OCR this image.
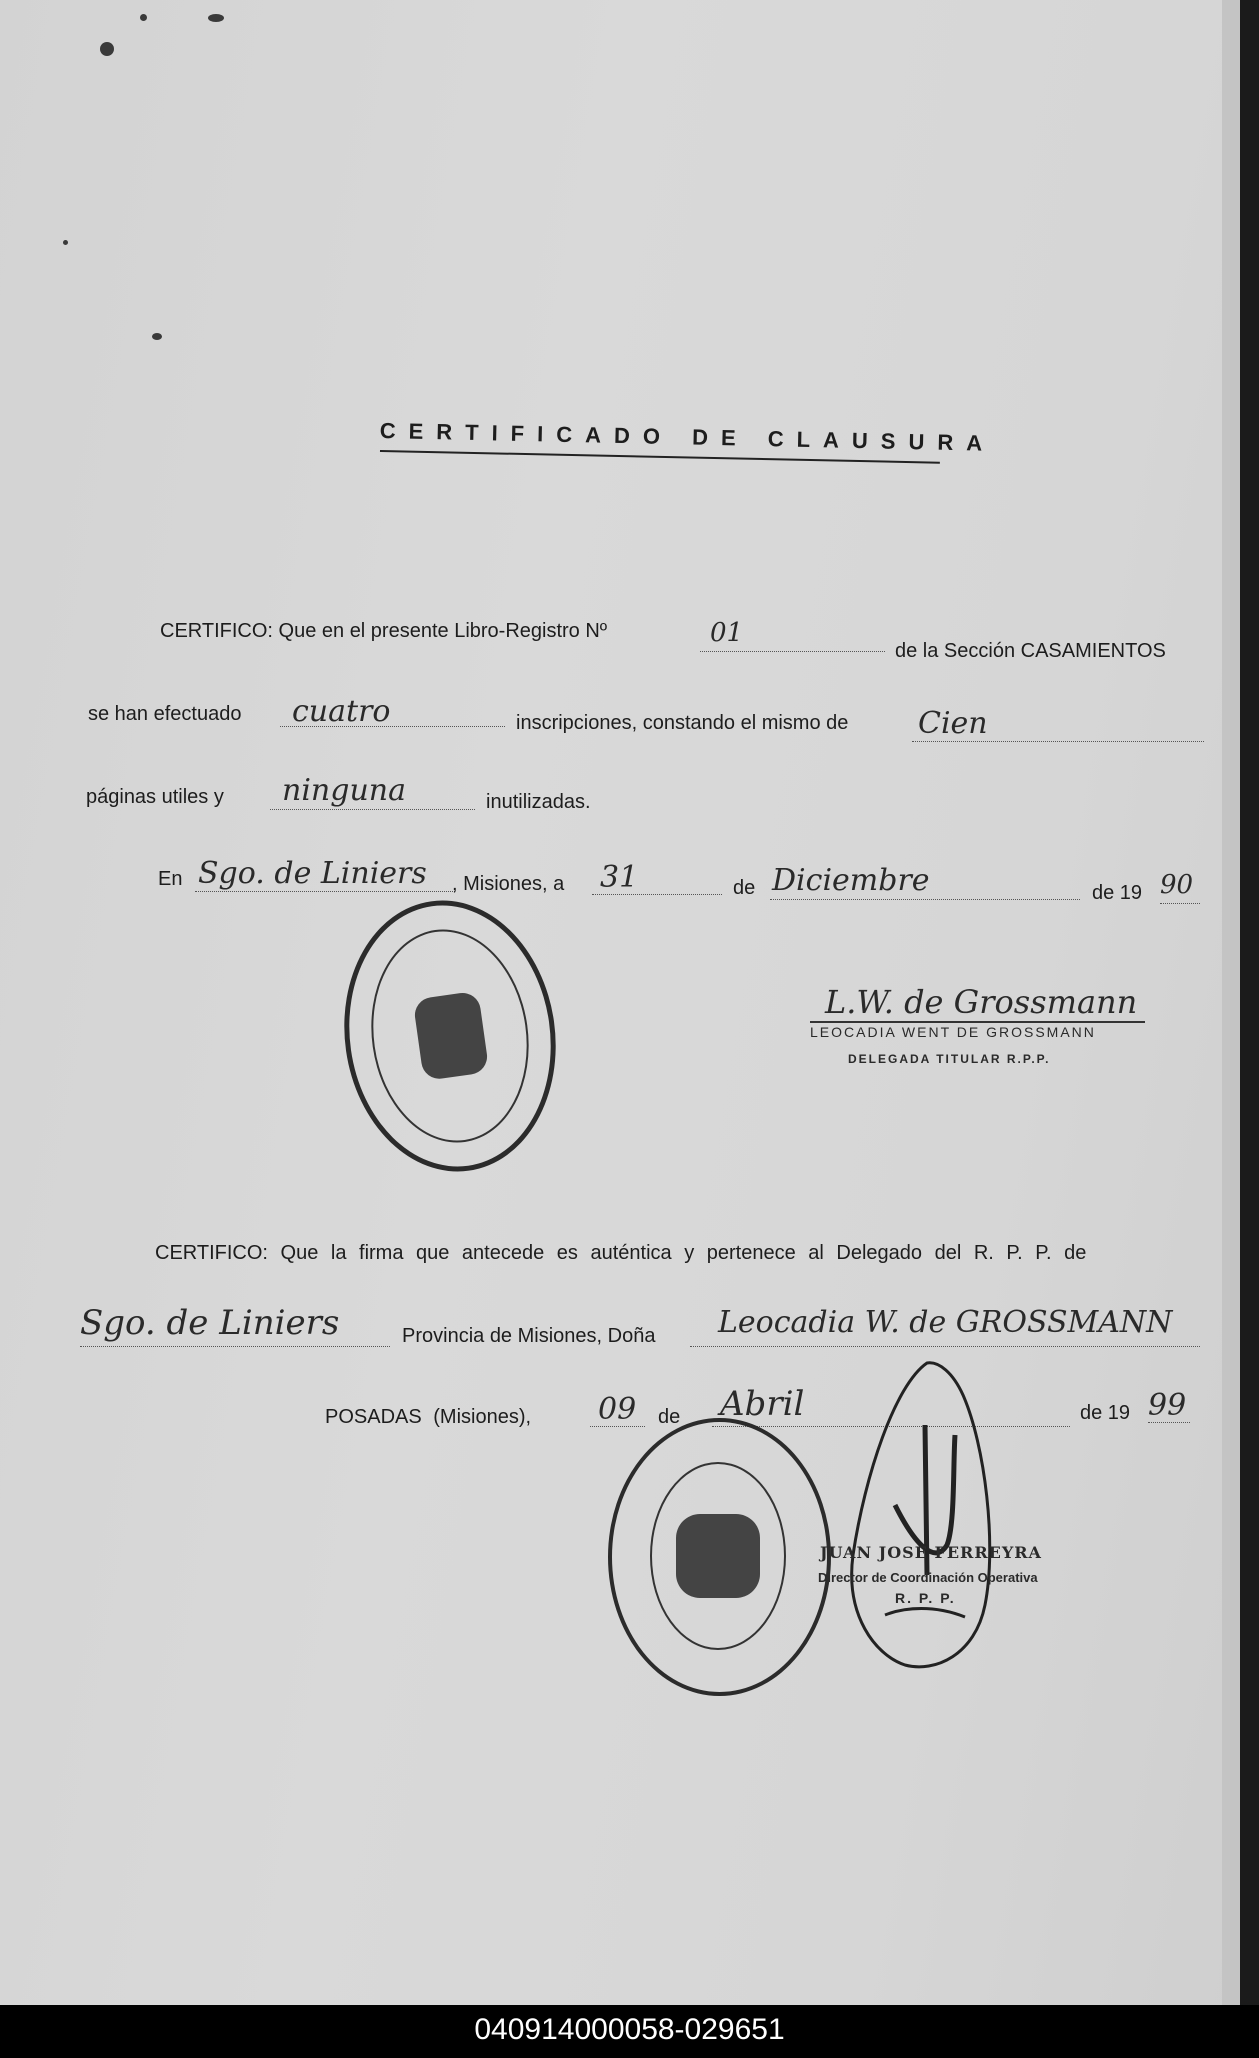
CERTIFICADO DE CLAUSURA
CERTIFICO: Que en el presente Libro-Registro Nº	01
de la Sección CASAMIENTOS
se han efectuado cuatro	inscripciones, constando el mismo de Cien
páginas utiles y ninguna	inutilizadas.
En Sgo. de Liniers , Misiones, a 31	de Diciembre	de 19 90
L.W. de Grossmann
LEOCADIA WENT DE GROSSMANN
DELEGADA TITULAR R.P.P.
CERTIFICO: Que la firma que antecede es auténtica y pertenece al Delegado del R. P. P. de
Sgo. de Liniers	Provincia de Misiones, Doña Leocadia W. de GROSSMANN
POSADAS (Misiones), 09 de Abril	de 19 99
JUAN JOSE FERREYRA
Director de Coordinación Operativa
R. P. P.
040914000058-029651
